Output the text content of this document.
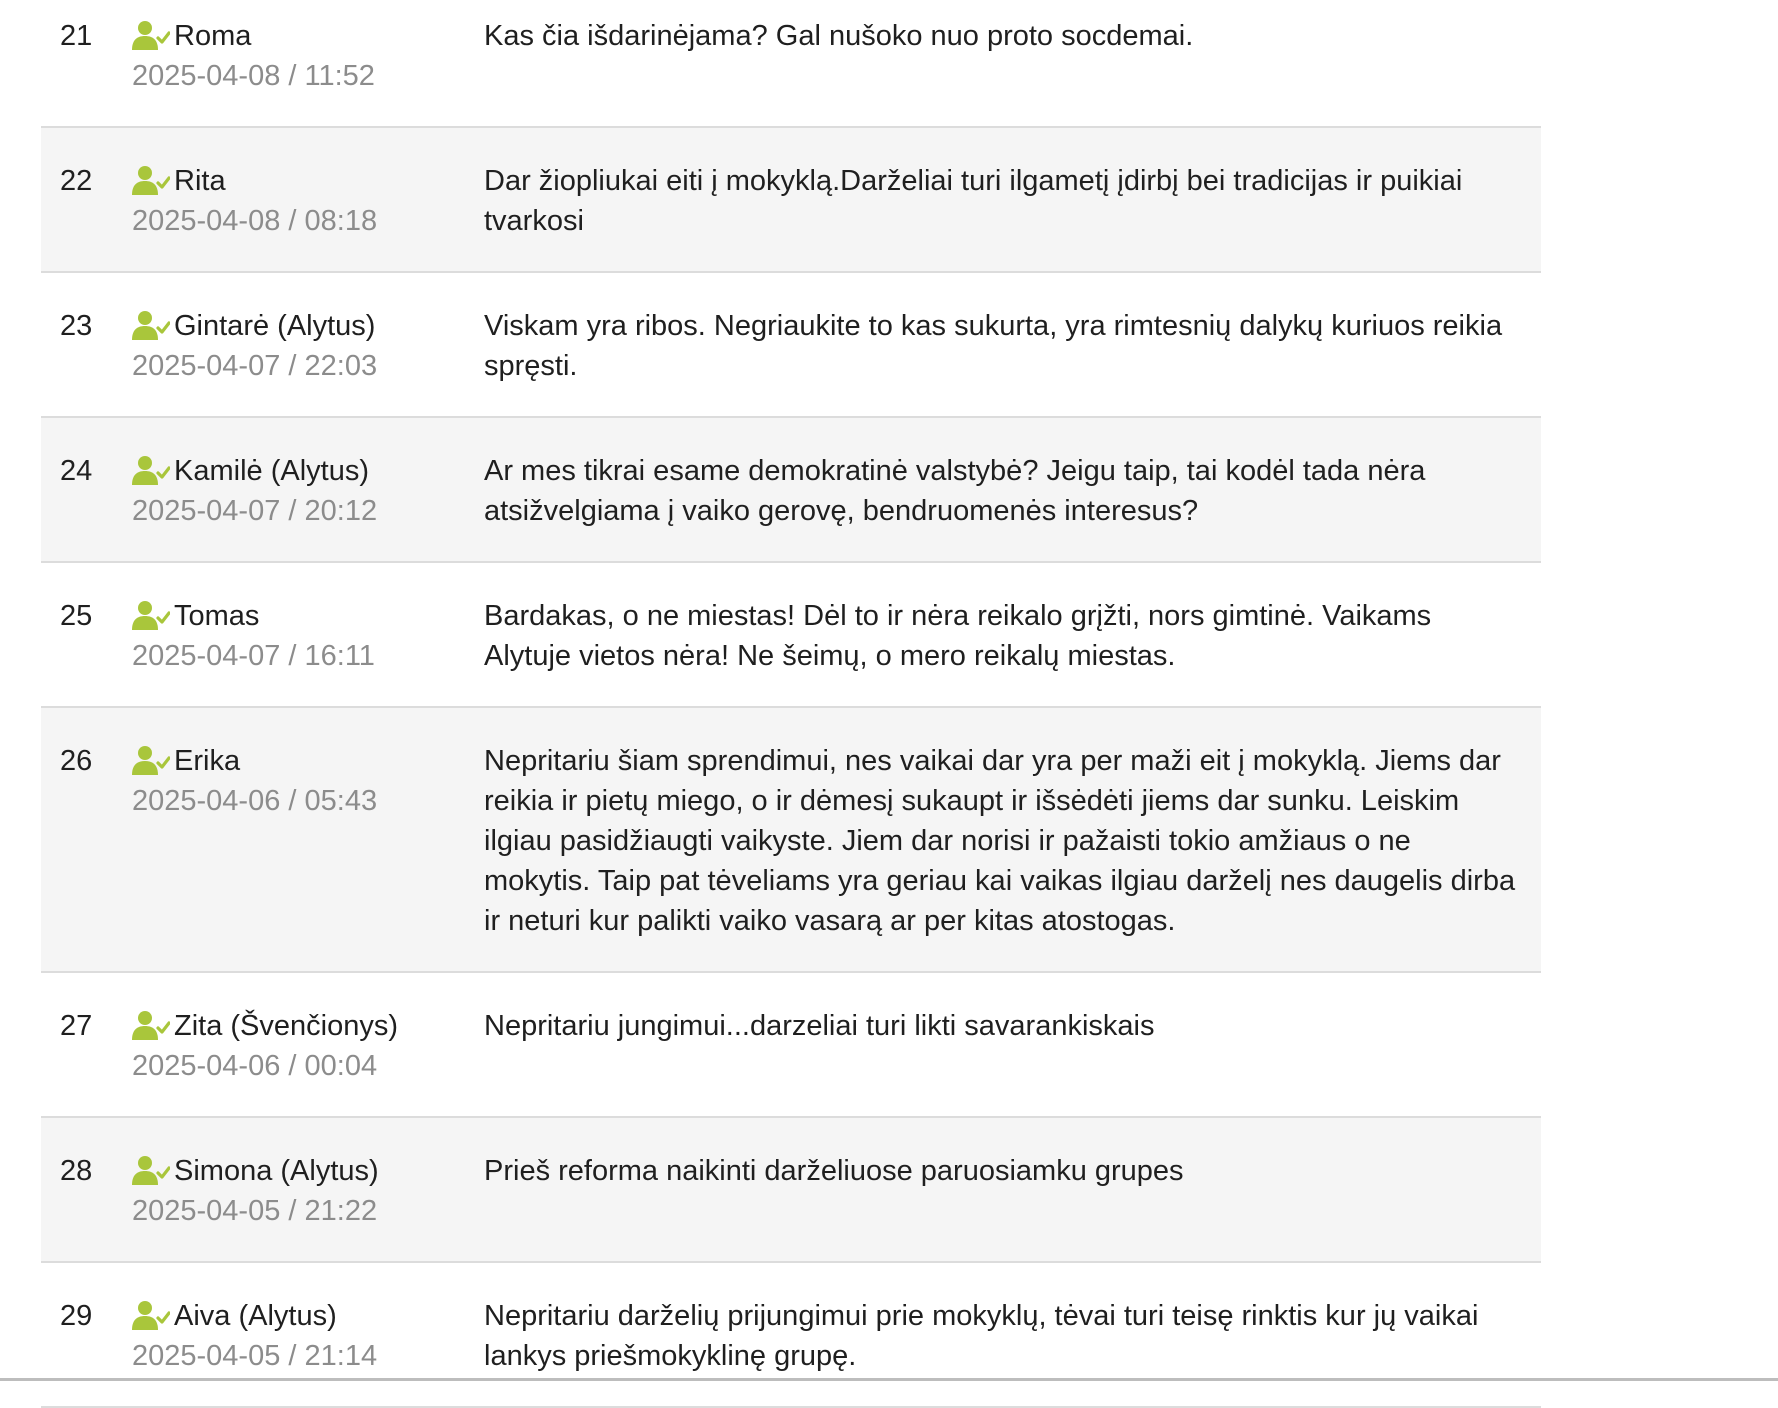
21	Roma
2025-04-08 / 11:52
Kas čia išdarinėjama? Gal nušoko nuo proto socdemai.
22	Rita
2025-04-08 / 08:18
Dar žiopliukai eiti į mokyklą.Darželiai turi ilgametį įdirbį bei tradicijas ir puikiai tvarkosi
23	Gintarė (Alytus)
2025-04-07 / 22:03
Viskam yra ribos. Negriaukite to kas sukurta, yra rimtesnių dalykų kuriuos reikia spręsti.
24	Kamilė (Alytus)
2025-04-07 / 20:12
Ar mes tikrai esame demokratinė valstybė? Jeigu taip, tai kodėl tada nėra atsižvelgiama į vaiko gerovę, bendruomenės interesus?
25	Tomas
2025-04-07 / 16:11
Bardakas, o ne miestas! Dėl to ir nėra reikalo grįžti, nors gimtinė. Vaikams Alytuje vietos nėra! Ne šeimų, o mero reikalų miestas.
26	Erika
2025-04-06 / 05:43
Nepritariu šiam sprendimui, nes vaikai dar yra per maži eit į mokyklą. Jiems dar reikia ir pietų miego, o ir dėmesį sukaupt ir išsėdėti jiems dar sunku. Leiskim ilgiau pasidžiaugti vaikyste. Jiem dar norisi ir pažaisti tokio amžiaus o ne mokytis. Taip pat tėveliams yra geriau kai vaikas ilgiau darželį nes daugelis dirba ir neturi kur palikti vaiko vasarą ar per kitas atostogas.
27	Zita (Švenčionys)
2025-04-06 / 00:04
Nepritariu jungimui...darzeliai turi likti savarankiskais
28	Simona (Alytus)
2025-04-05 / 21:22
Prieš reforma naikinti darželiuose paruosiamku grupes
29	Aiva (Alytus)
2025-04-05 / 21:14
Nepritariu darželių prijungimui prie mokyklų, tėvai turi teisę rinktis kur jų vaikai lankys priešmokyklinę grupę.
